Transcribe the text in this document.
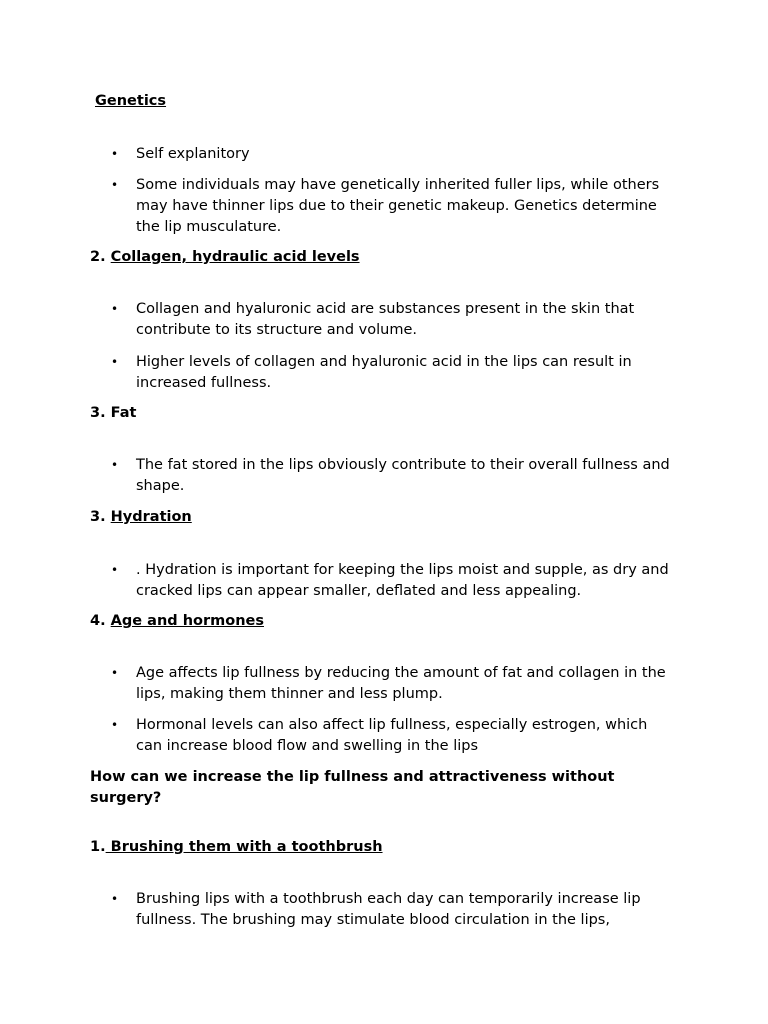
Genetics
• Self explanitory
• Some individuals may have genetically inherited fuller lips, while others may have thinner lips due to their genetic makeup. Genetics determine the lip musculature.
2. Collagen, hydraulic acid levels
• Collagen and hyaluronic acid are substances present in the skin that contribute to its structure and volume.
• Higher levels of collagen and hyaluronic acid in the lips can result in increased fullness.
3. Fat
• The fat stored in the lips obviously contribute to their overall fullness and shape.
3. Hydration
• . Hydration is important for keeping the lips moist and supple, as dry and cracked lips can appear smaller, deflated and less appealing.
4. Age and hormones
• Age affects lip fullness by reducing the amount of fat and collagen in the lips, making them thinner and less plump.
• Hormonal levels can also affect lip fullness, especially estrogen, which can increase blood flow and swelling in the lips
How can we increase the lip fullness and attractiveness without surgery?
1. Brushing them with a toothbrush
• Brushing lips with a toothbrush each day can temporarily increase lip fullness. The brushing may stimulate blood circulation in the lips,
